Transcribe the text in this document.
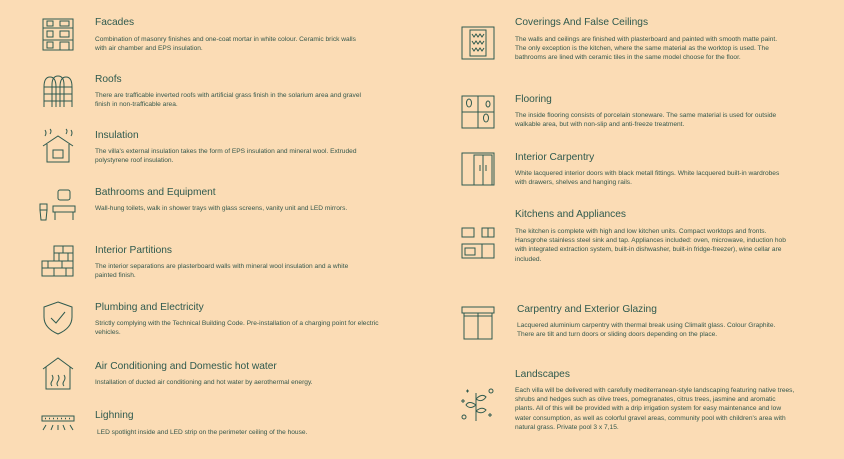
Facades
Combination of masonry finishes and one-coat mortar in white colour. Ceramic brick walls with air chamber and EPS insulation.
Roofs
There are trafficable inverted roofs with artificial grass finish in the solarium area and gravel finish in non-trafficable area.
Insulation
The villa's external insulation takes the form of EPS insulation and mineral wool. Extruded polystyrene roof insulation.
Bathrooms and Equipment
Wall-hung toilets, walk in shower trays with glass screens, vanity unit and LED mirrors.
Interior Partitions
The interior separations are plasterboard walls with mineral wool insulation and a white painted finish.
Plumbing and Electricity
Strictly complying with the Technical Building Code. Pre-installation of a charging point for electric vehicles.
Air Conditioning and Domestic hot water
Installation of ducted air conditioning and hot water by aerothermal energy.
Lighning
LED spotlight inside and LED strip on the perimeter ceiling of the house.
Coverings And False Ceilings
The walls and ceilings are finished with plasterboard and painted with smooth matte paint. The only exception is the kitchen, where the same material as the worktop is used. The bathrooms are lined with ceramic tiles in the same model choose for the floor.
Flooring
The inside flooring consists of porcelain stoneware. The same material is used for outside walkable area, but with non-slip and anti-freeze treatment.
Interior Carpentry
White lacquered interior doors with black metall fittings. White lacquered built-in wardrobes with drawers, shelves and hanging rails.
Kitchens and Appliances
The kitchen is complete with high and low kitchen units. Compact worktops and fronts. Hansgrohe stainless steel sink and tap. Appliances included: oven, microwave, induction hob with integrated extraction system, built-in dishwasher, built-in fridge-freezer), wine cellar are included.
Carpentry and Exterior Glazing
Lacquered aluminium carpentry with thermal break using Climalit glass. Colour Graphite. There are tilt and turn doors or sliding doors depending on the place.
Landscapes
Each villa will be delivered with carefully mediterranean-style landscaping featuring native trees, shrubs and hedges such as olive trees, pomegranates, citrus trees, jasmine and aromatic plants. All of this will be provided with a drip irrigation system for easy maintenance and low water consumption, as well as colorful gravel areas, community pool with children's area with natural grass. Private pool 3 x 7,15.
